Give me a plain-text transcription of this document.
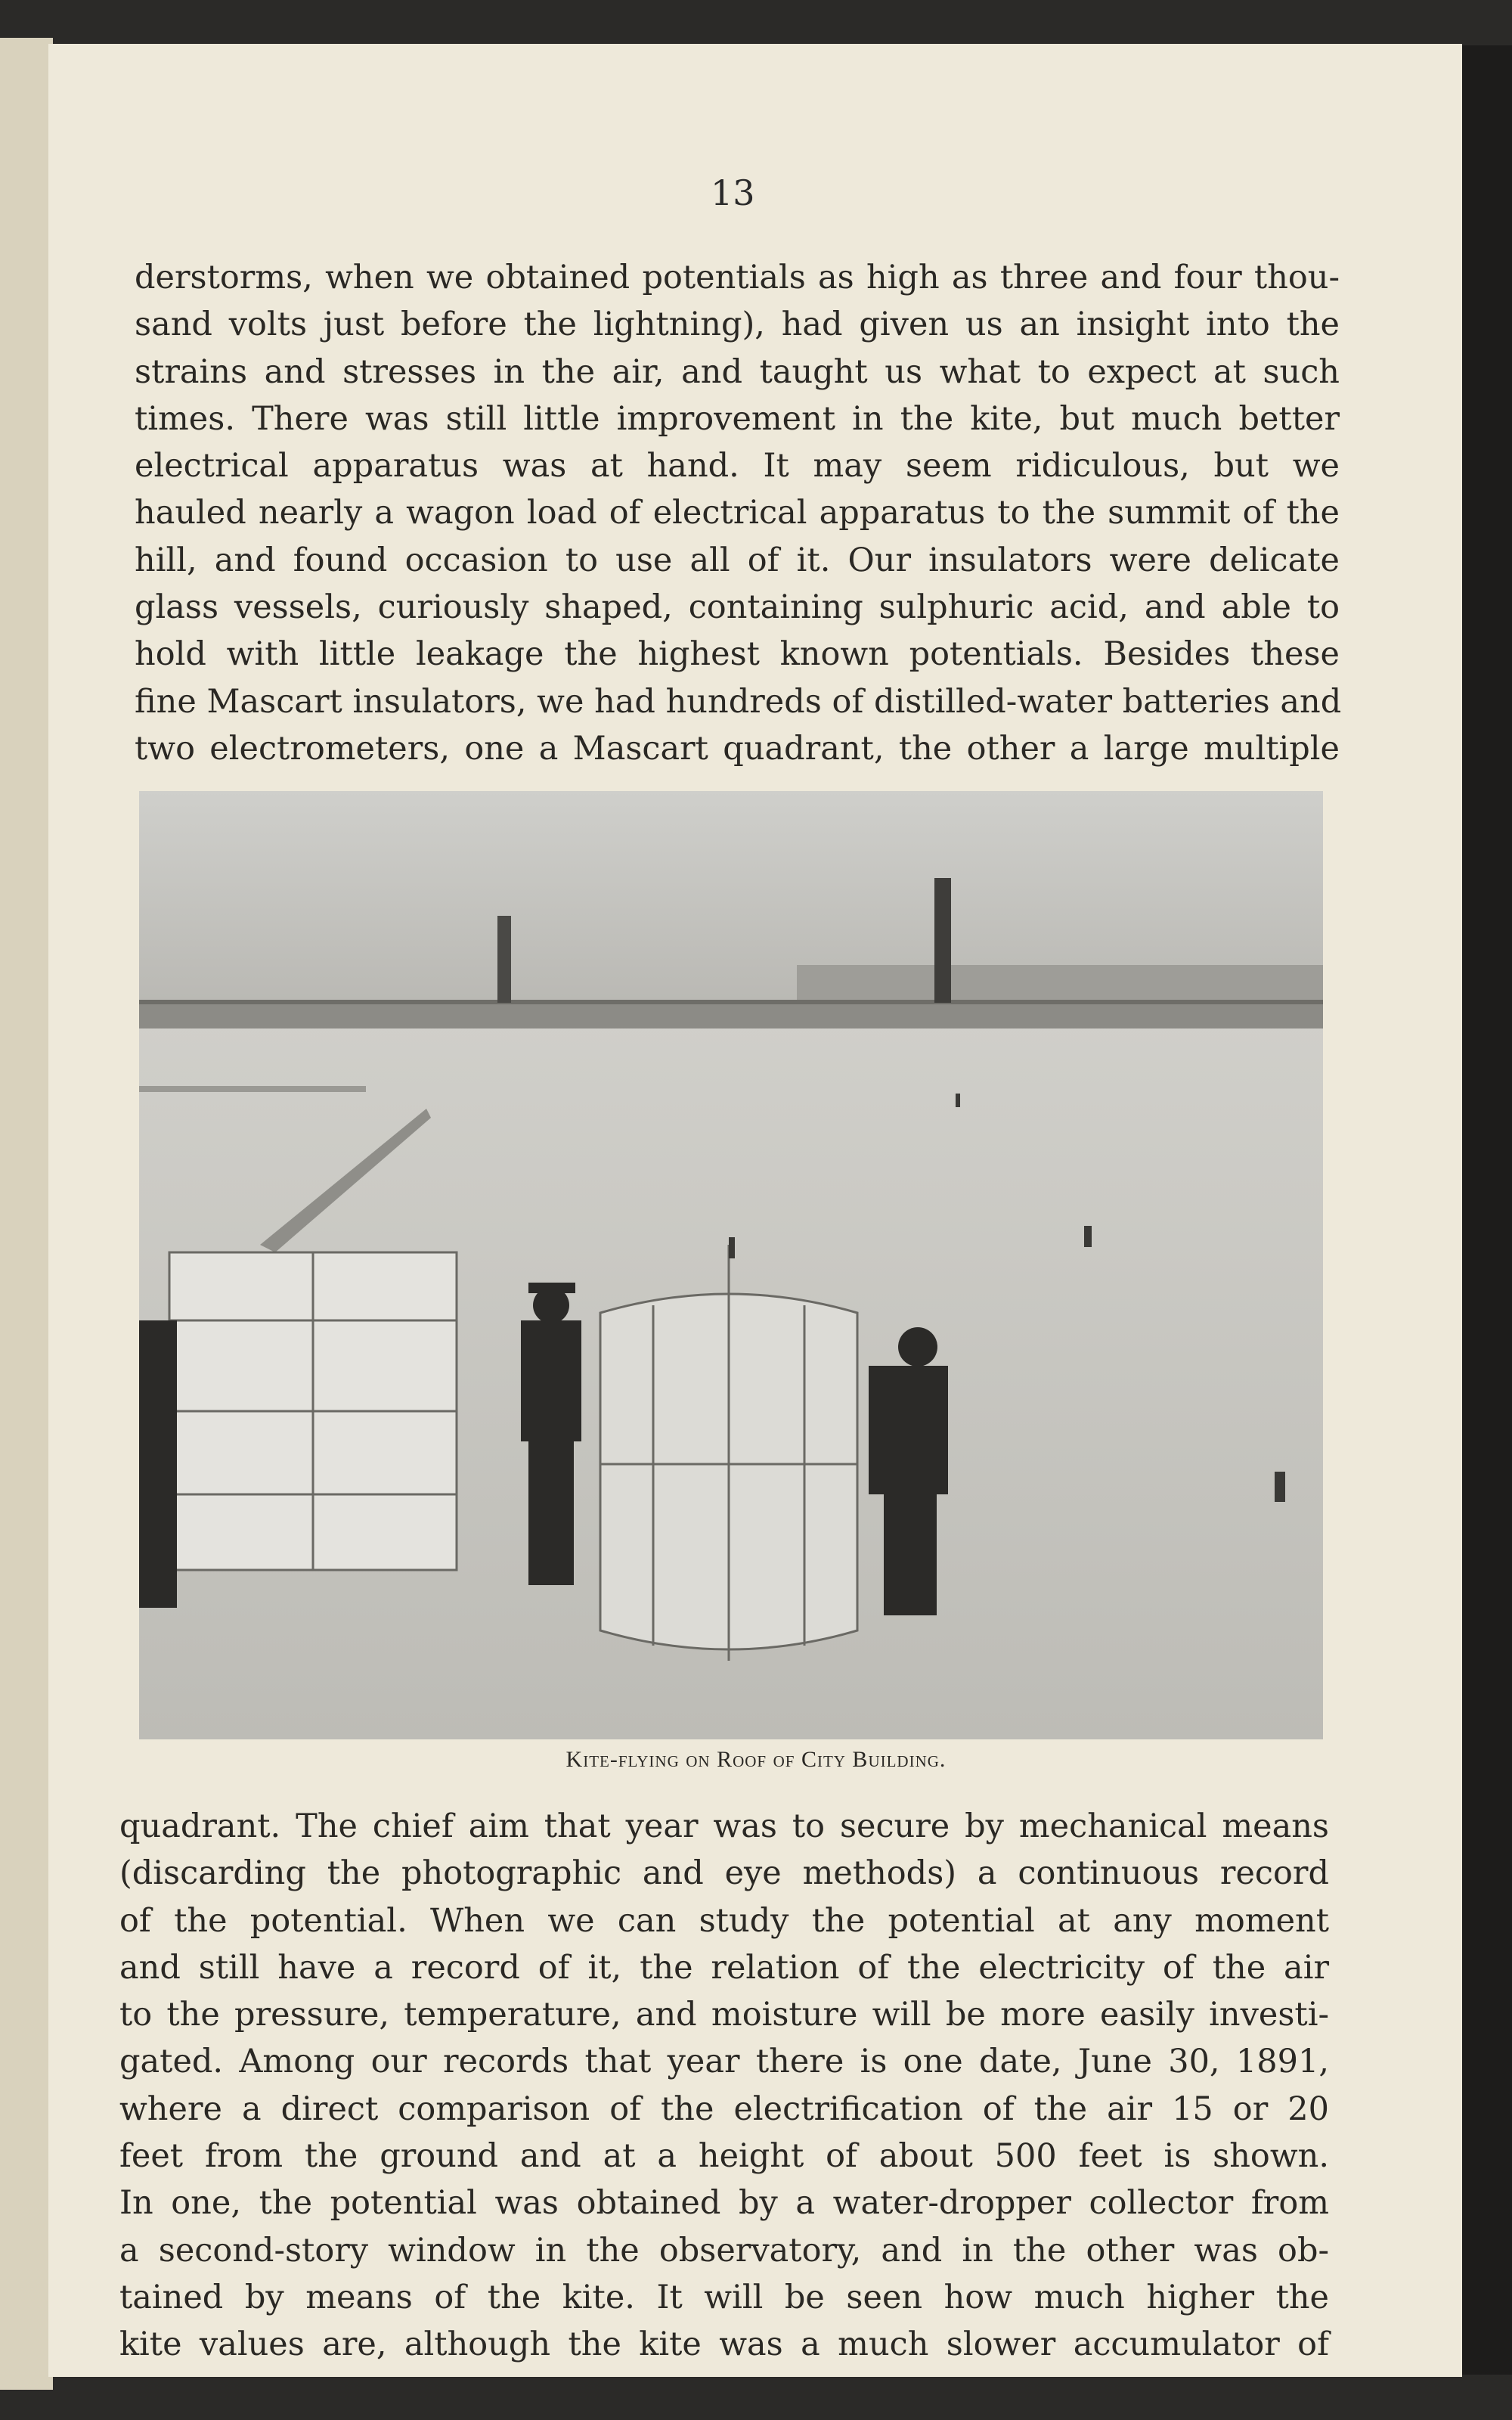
13
derstorms, when we obtained potentials as high as three and four thou-
sand volts just before the lightning), had given us an insight into the
strains and stresses in the air, and taught us what to expect at such
times. There was still little improvement in the kite, but much better
electrical apparatus was at hand. It may seem ridiculous, but we
hauled nearly a wagon load of electrical apparatus to the summit of the
hill, and found occasion to use all of it. Our insulators were delicate
glass vessels, curiously shaped, containing sulphuric acid, and able to
hold with little leakage the highest known potentials. Besides these
fine Mascart insulators, we had hundreds of distilled-water batteries and
two electrometers, one a Mascart quadrant, the other a large multiple
Kite-flying on Roof of City Building.
quadrant. The chief aim that year was to secure by mechanical means
(discarding the photographic and eye methods) a continuous record
of the potential. When we can study the potential at any moment
and still have a record of it, the relation of the electricity of the air
to the pressure, temperature, and moisture will be more easily investi-
gated. Among our records that year there is one date, June 30, 1891,
where a direct comparison of the electrification of the air 15 or 20
feet from the ground and at a height of about 500 feet is shown.
In one, the potential was obtained by a water-dropper collector from
a second-story window in the observatory, and in the other was ob-
tained by means of the kite. It will be seen how much higher the
kite values are, although the kite was a much slower accumulator of
